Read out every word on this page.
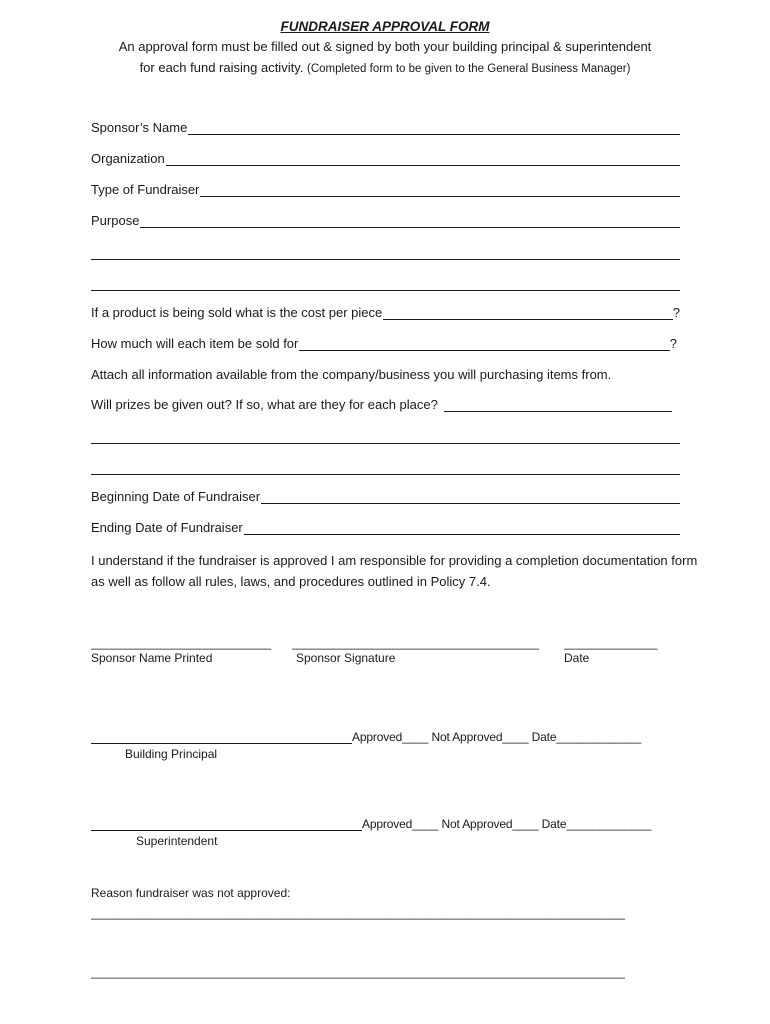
FUNDRAISER APPROVAL FORM
An approval form must be filled out & signed by both your building principal & superintendent
for each fund raising activity. (Completed form to be given to the General Business Manager)
Sponsor’s Name
Organization
Type of Fundraiser
Purpose
If a product is being sold what is the cost per piece	?
How much will each item be sold for	?
Attach all information available from the company/business you will purchasing items from.
Will prizes be given out? If so, what are they for each place?
Beginning Date of Fundraiser
Ending Date of Fundraiser
I understand if the fundraiser is approved I am responsible for providing a completion documentation form as well as follow all rules, laws, and procedures outlined in Policy 7.4.
___________________________	_____________________________________	______________
Sponsor Name Printed	Sponsor Signature	Date
Approved____ Not Approved____ Date_____________
Building Principal
Approved____ Not Approved____ Date_____________
Superintendent
Reason fundraiser was not approved:
________________________________________________________________________________
________________________________________________________________________________
